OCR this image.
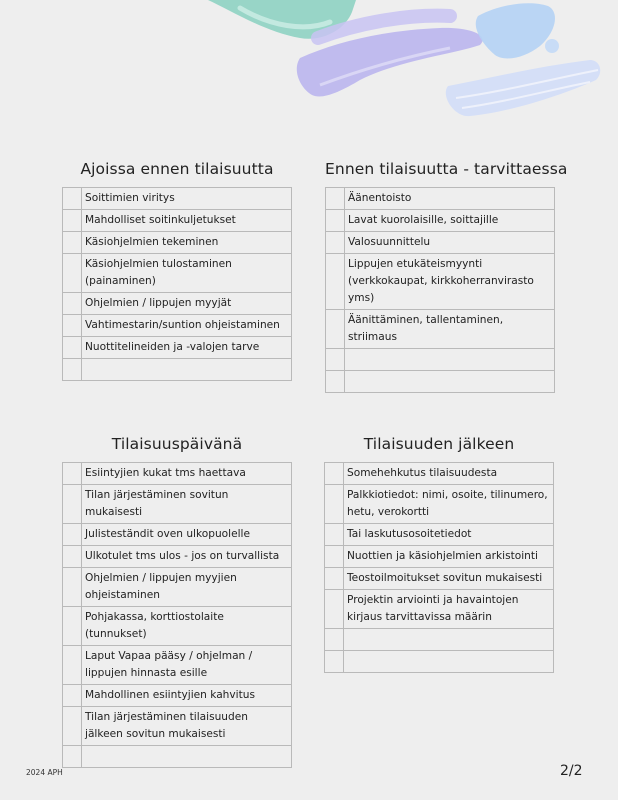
Ajoissa ennen tilaisuutta
	Soittimien viritys
	Mahdolliset soitinkuljetukset
	Käsiohjelmien tekeminen
	Käsiohjelmien tulostaminen (painaminen)
	Ohjelmien / lippujen myyjät
	Vahtimestarin/suntion ohjeistaminen
	Nuottitelineiden ja -valojen tarve

Ennen tilaisuutta - tarvittaessa
	Äänentoisto
	Lavat kuorolaisille, soittajille
	Valosuunnittelu
	Lippujen etukäteismyynti (verkkokaupat, kirkkoherranvirasto yms)
	Äänittäminen, tallentaminen, striimaus

Tilaisuuspäivänä
	Esiintyjien kukat tms haettava
	Tilan järjestäminen sovitun mukaisesti
	Julisteständit oven ulkopuolelle
	Ulkotulet tms ulos - jos on turvallista
	Ohjelmien / lippujen myyjien ohjeistaminen
	Pohjakassa, korttiostolaite (tunnukset)
	Laput Vapaa pääsy / ohjelman / lippujen hinnasta esille
	Mahdollinen esiintyjien kahvitus
	Tilan järjestäminen tilaisuuden jälkeen sovitun mukaisesti

Tilaisuuden jälkeen
	Somehehkutus tilaisuudesta
	Palkkiotiedot: nimi, osoite, tilinumero, hetu, verokortti
	Tai laskutusosoitetiedot
	Nuottien ja käsiohjelmien arkistointi
	Teostoilmoitukset sovitun mukaisesti
	Projektin arviointi ja havaintojen kirjaus tarvittavissa määrin

2024 APH	2/2
